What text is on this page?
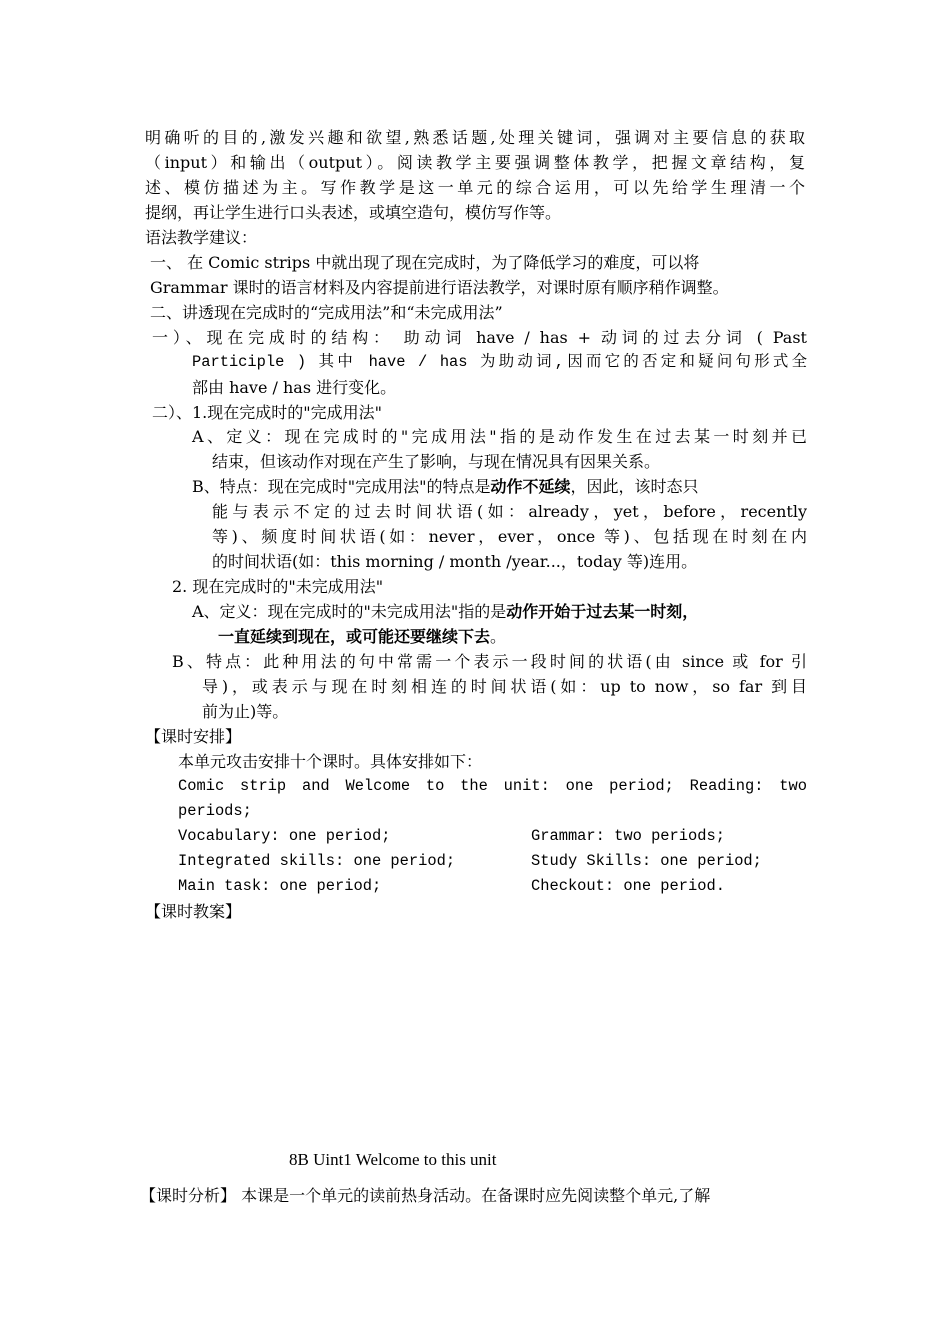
明确听的目的,激发兴趣和欲望,熟悉话题,处理关键词，强调对主要信息的获取
（input）和输出（output）。阅读教学主要强调整体教学，把握文章结构，复
述、模仿描述为主。写作教学是这一单元的综合运用，可以先给学生理清一个
提纲，再让学生进行口头表述，或填空造句，模仿写作等。
语法教学建议：
一、 在 Comic strips 中就出现了现在完成时，为了降低学习的难度，可以将
Grammar 课时的语言材料及内容提前进行语法教学，对课时原有顺序稍作调整。
二、讲透现在完成时的“完成用法”和“未完成用法”
一）、现在完成时的结构： 助动词 have / has + 动词的过去分词 ( Past
Participle ) 其中 have / has 为助动词,因而它的否定和疑问句形式全
部由 have / has 进行变化。
二）、1.现在完成时的"完成用法"
A、定义：现在完成时的"完成用法"指的是动作发生在过去某一时刻并已
结束，但该动作对现在产生了影响，与现在情况具有因果关系。
B、特点：现在完成时"完成用法"的特点是动作不延续，因此，该时态只
能与表示不定的过去时间状语(如：already，yet，before，recently
等)、频度时间状语(如：never，ever，once 等)、包括现在时刻在内
的时间状语(如：this morning / month /year...，today 等)连用。
2. 现在完成时的"未完成用法"
A、定义：现在完成时的"未完成用法"指的是动作开始于过去某一时刻，
一直延续到现在，或可能还要继续下去。
B、特点：此种用法的句中常需一个表示一段时间的状语(由 since 或 for 引
导)，或表示与现在时刻相连的时间状语(如：up to now，so far 到目
前为止)等。
【课时安排】
本单元攻击安排十个课时。具体安排如下：
Comic strip and Welcome to the unit: one period; Reading: two
periods;
Vocabulary: one period;	Grammar: two periods;
Integrated skills: one period;	Study Skills: one period;
Main task: one period;	Checkout: one period.
【课时教案】
8B Uint1 Welcome to this unit
【课时分析】 本课是一个单元的读前热身活动。在备课时应先阅读整个单元,了解
